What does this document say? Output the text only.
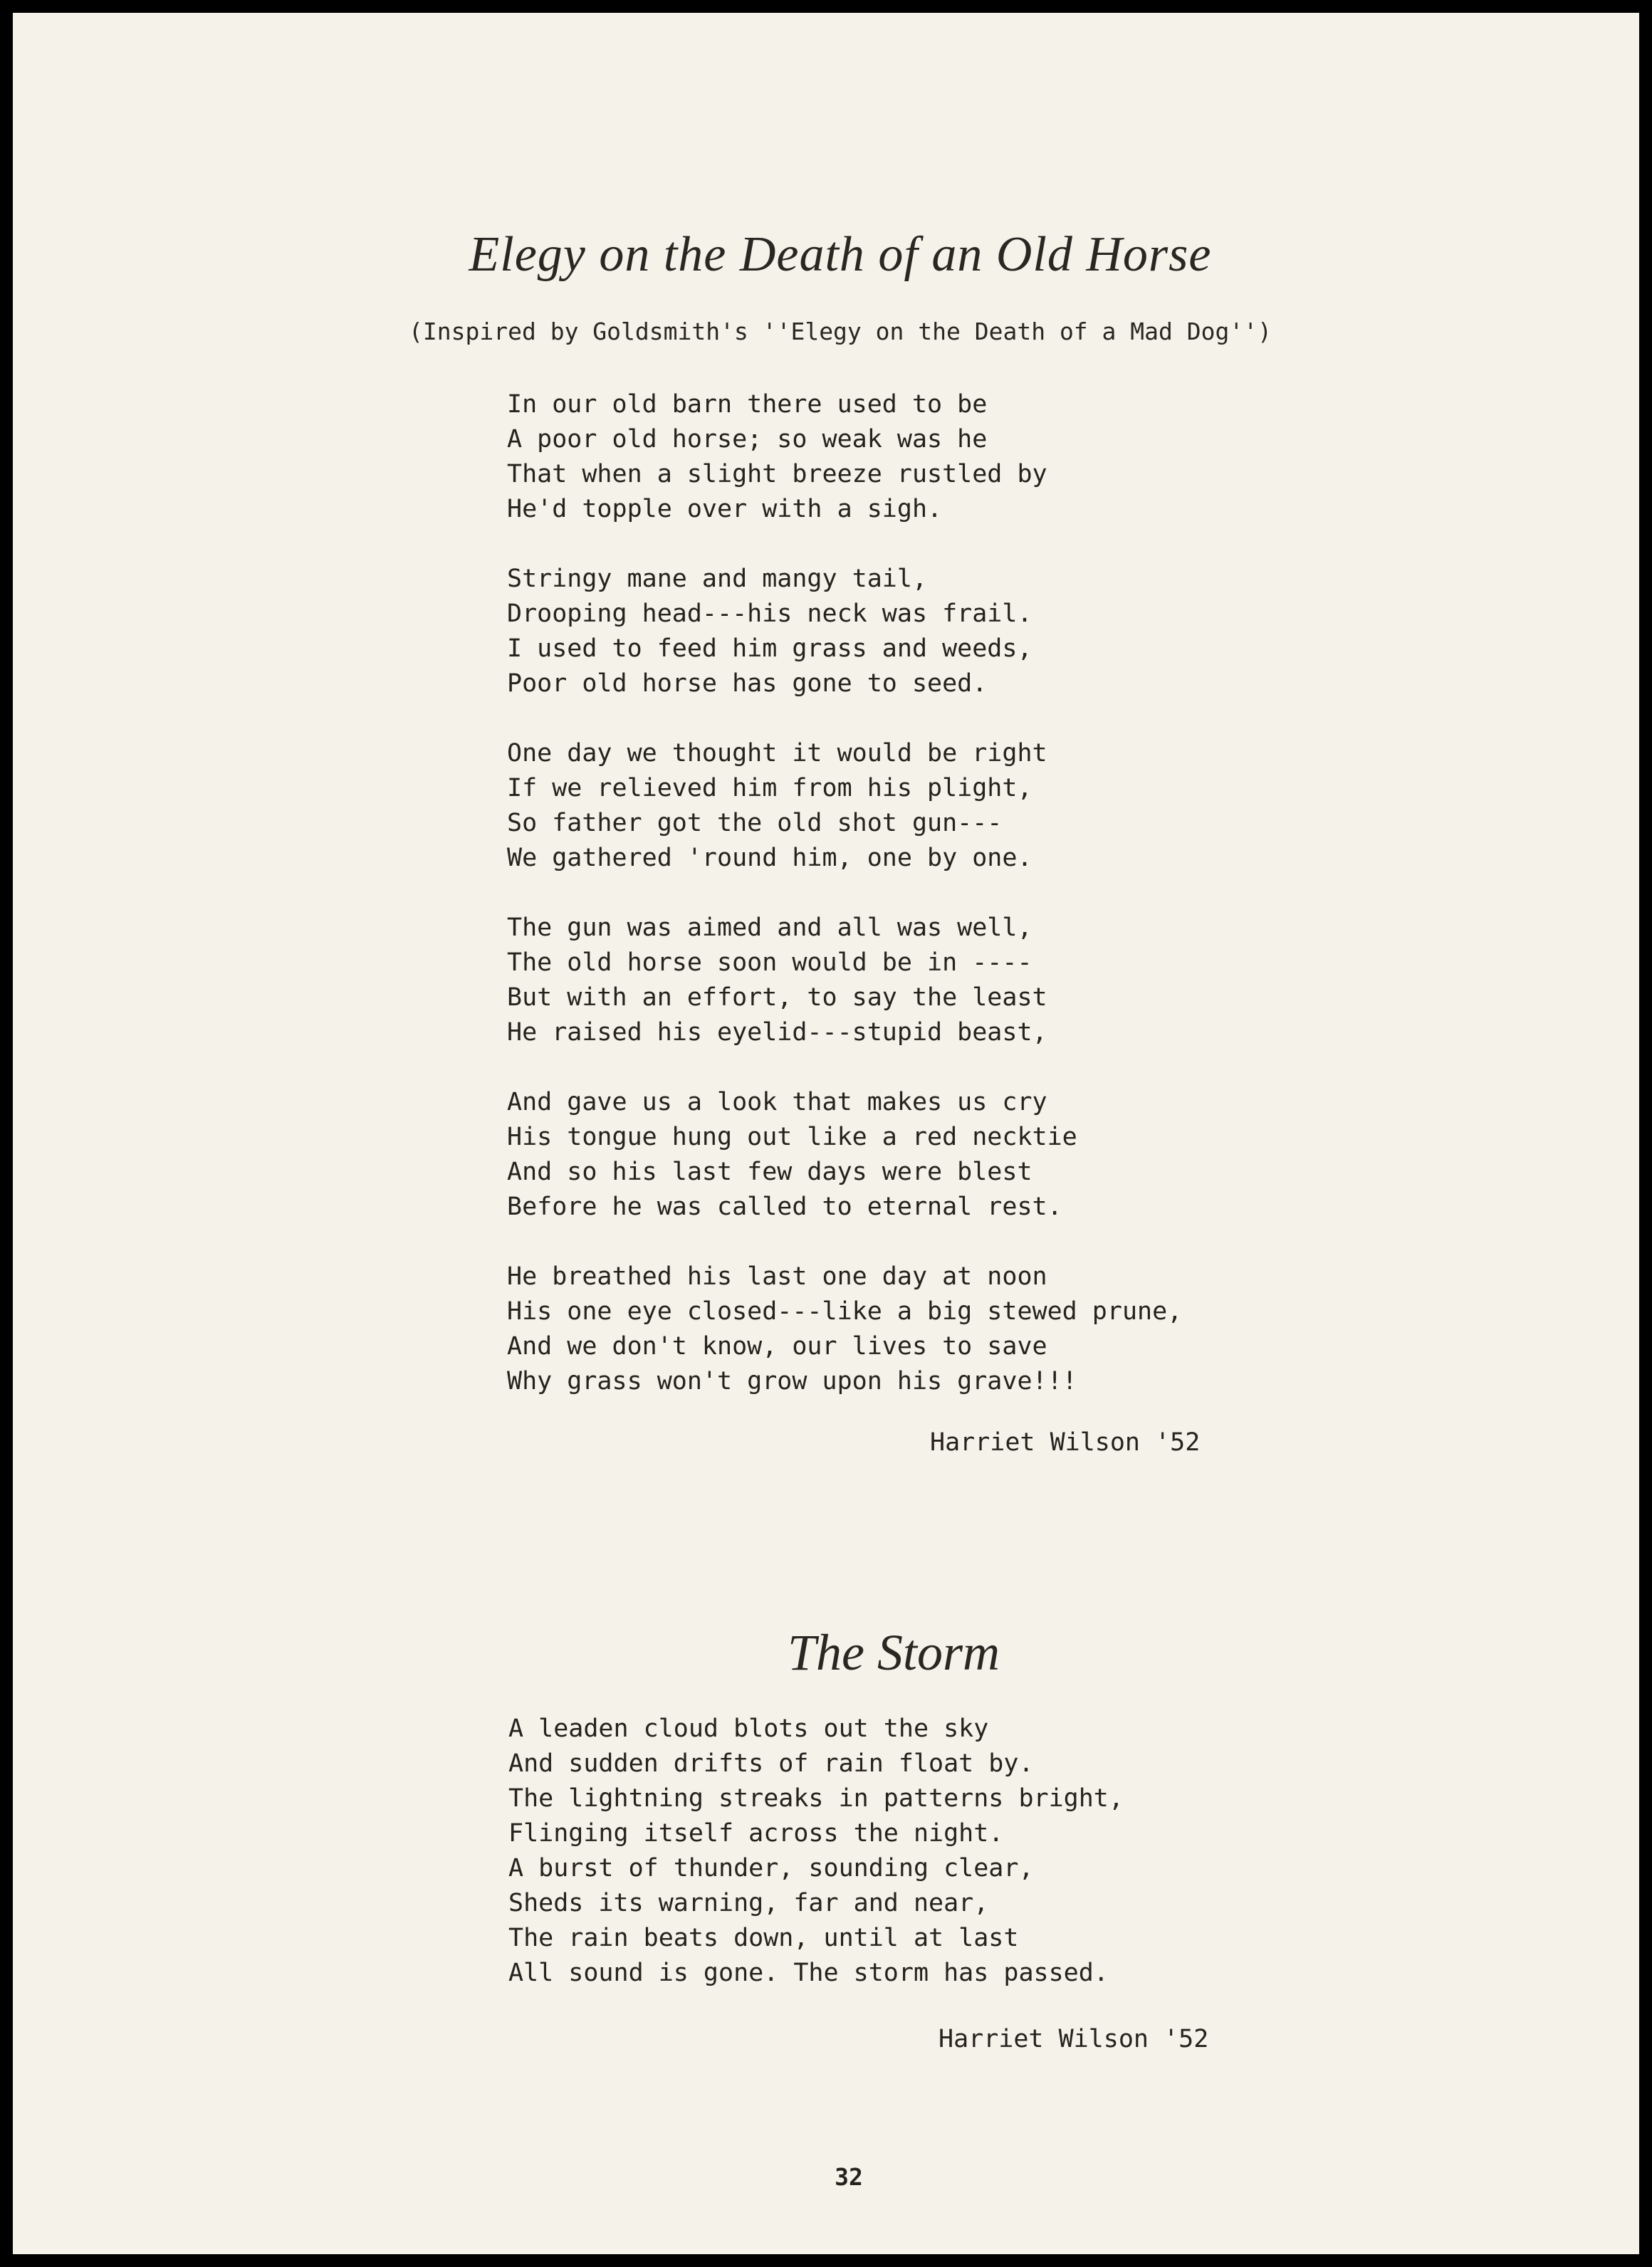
Elegy on the Death of an Old Horse
(Inspired by Goldsmith's ''Elegy on the Death of a Mad Dog'')
In our old barn there used to be
A poor old horse; so weak was he
That when a slight breeze rustled by
He'd topple over with a sigh.
Stringy mane and mangy tail,
Drooping head---his neck was frail.
I used to feed him grass and weeds,
Poor old horse has gone to seed.
One day we thought it would be right
If we relieved him from his plight,
So father got the old shot gun---
We gathered 'round him, one by one.
The gun was aimed and all was well,
The old horse soon would be in ----
But with an effort, to say the least
He raised his eyelid---stupid beast,
And gave us a look that makes us cry
His tongue hung out like a red necktie
And so his last few days were blest
Before he was called to eternal rest.
He breathed his last one day at noon
His one eye closed---like a big stewed prune,
And we don't know, our lives to save
Why grass won't grow upon his grave!!!
Harriet Wilson '52
The Storm
A leaden cloud blots out the sky
And sudden drifts of rain float by.
The lightning streaks in patterns bright,
Flinging itself across the night.
A burst of thunder, sounding clear,
Sheds its warning, far and near,
The rain beats down, until at last
All sound is gone. The storm has passed.
Harriet Wilson '52
32
